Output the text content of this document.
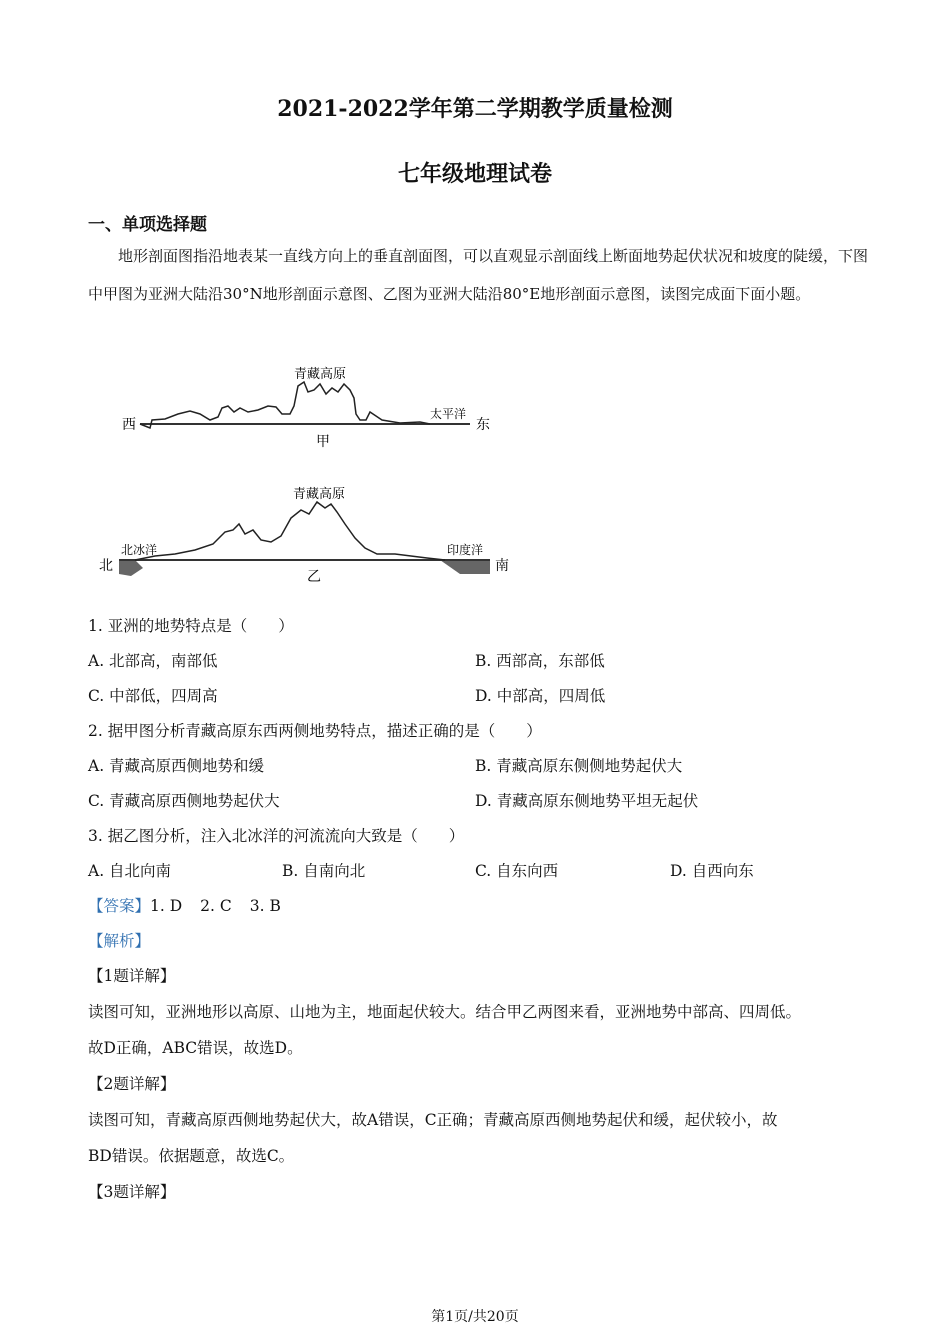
2021-2022学年第二学期教学质量检测
七年级地理试卷
一、单项选择题
地形剖面图指沿地表某一直线方向上的垂直剖面图，可以直观显示剖面线上断面地势起伏状况和坡度的陡缓，下图中甲图为亚洲大陆沿30°N地形剖面示意图、乙图为亚洲大陆沿80°E地形剖面示意图，读图完成面下面小题。
青藏高原
西
太平洋
东
甲
青藏高原
北冰洋	印度洋
北	南
乙
1. 亚洲的地势特点是（　　）
A. 北部高，南部低	B. 西部高，东部低
C. 中部低，四周高	D. 中部高，四周低
2. 据甲图分析青藏高原东西两侧地势特点，描述正确的是（　　）
A. 青藏高原西侧地势和缓	B. 青藏高原东侧侧地势起伏大
C. 青藏高原西侧地势起伏大	D. 青藏高原东侧地势平坦无起伏
3. 据乙图分析，注入北冰洋的河流流向大致是（　　）
A. 自北向南	B. 自南向北	C. 自东向西	D. 自西向东
【答案】1. D 2. C 3. B
【解析】
【1题详解】
读图可知，亚洲地形以高原、山地为主，地面起伏较大。结合甲乙两图来看，亚洲地势中部高、四周低。
故D正确，ABC错误，故选D。
【2题详解】
读图可知，青藏高原西侧地势起伏大，故A错误，C正确；青藏高原西侧地势起伏和缓，起伏较小，故
BD错误。依据题意，故选C。
【3题详解】
第1页/共20页
